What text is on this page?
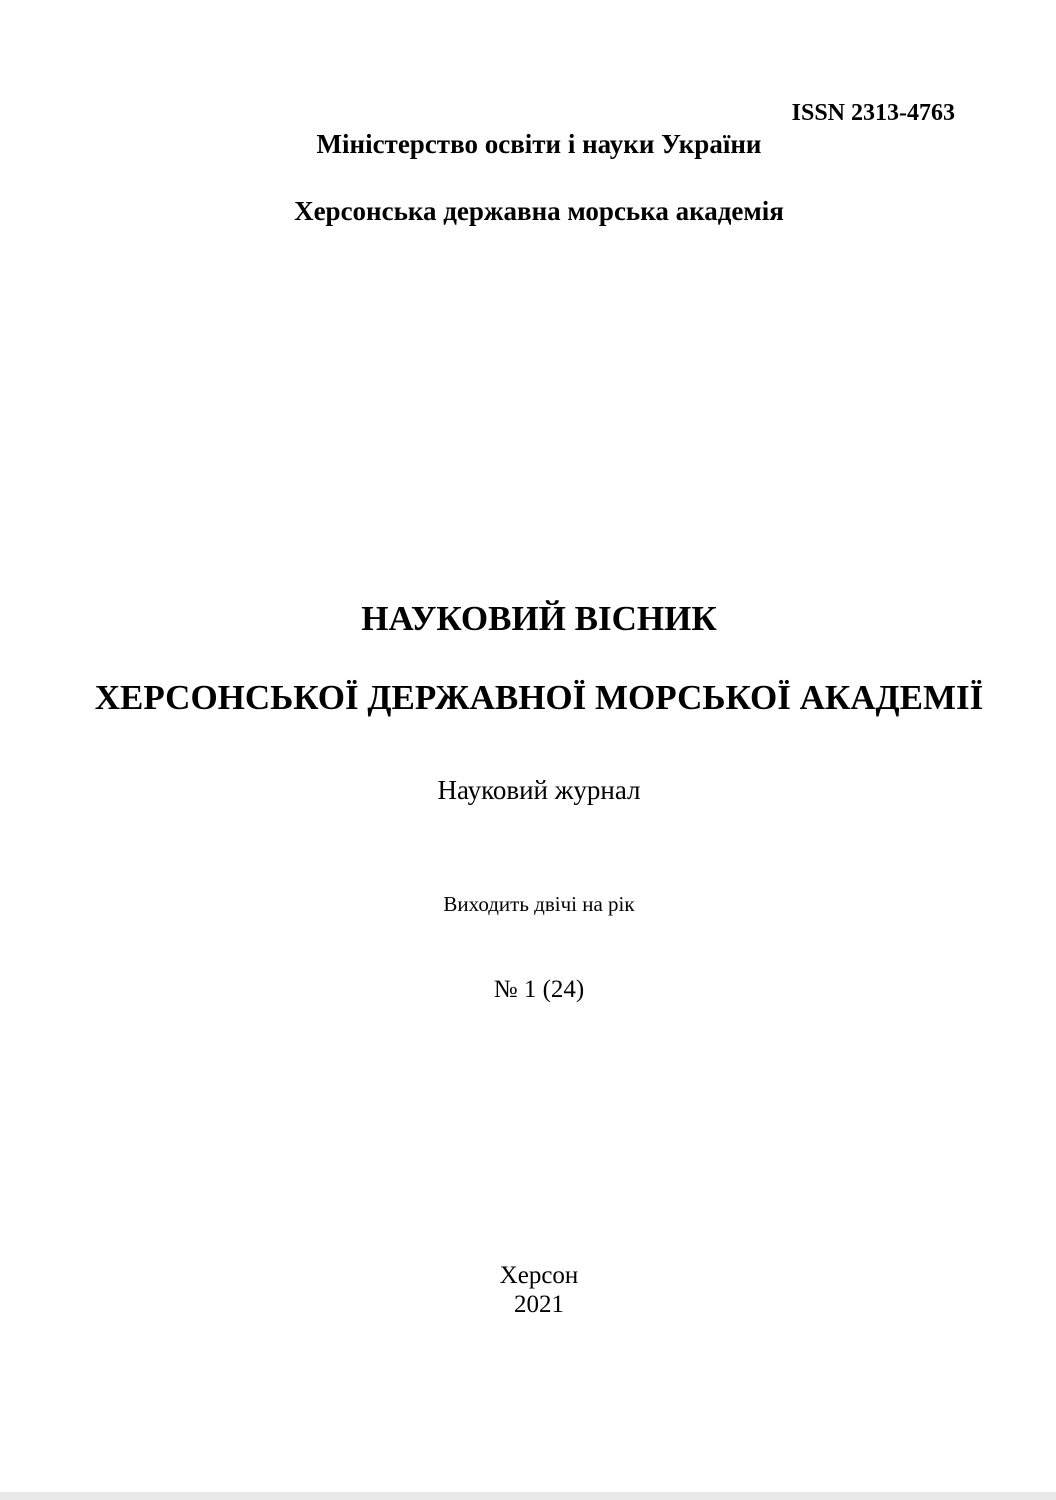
ISSN 2313-4763
Міністерство освіти і науки України
Херсонська державна морська академія
НАУКОВИЙ ВІСНИК
ХЕРСОНСЬКОЇ ДЕРЖАВНОЇ МОРСЬКОЇ АКАДЕМІЇ
Науковий журнал
Виходить двічі на рік
№ 1 (24)
Херсон
2021
